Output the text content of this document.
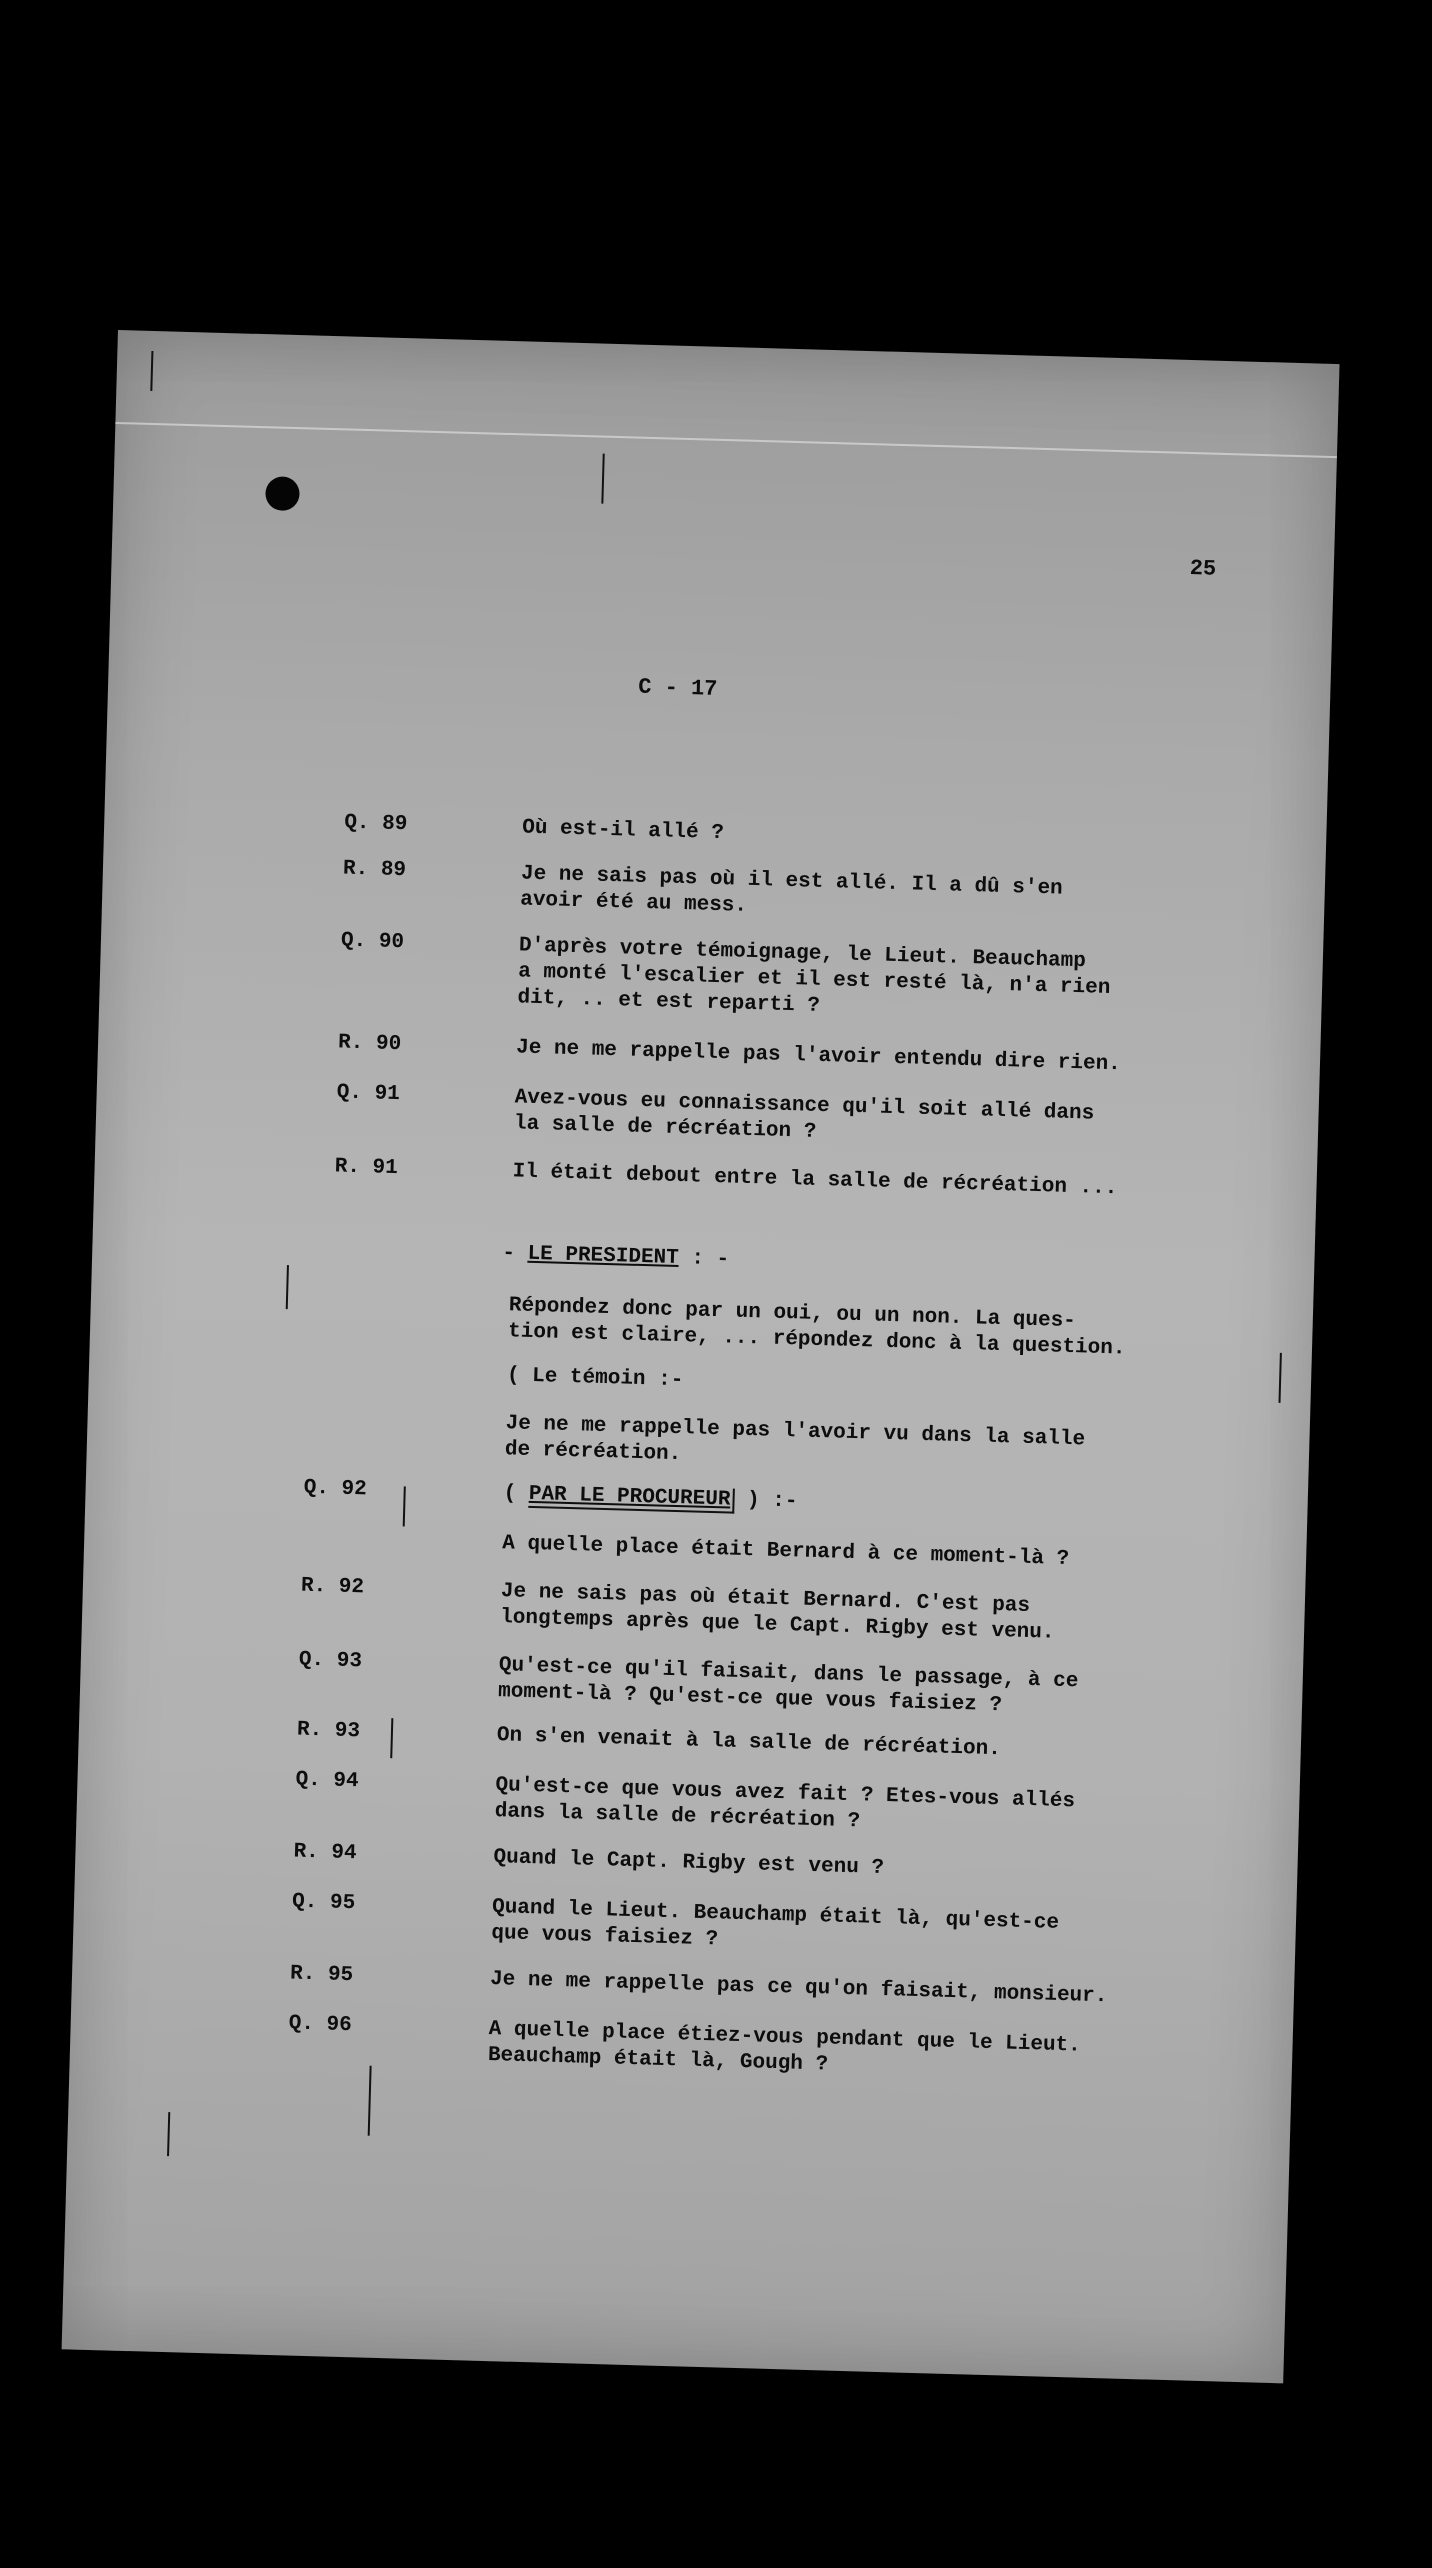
25
C - 17
Q. 89	Où est-il allé ?
R. 89	Je ne sais pas où il est allé. Il a dû s'en
avoir été au mess.
Q. 90	D'après votre témoignage, le Lieut. Beauchamp
a monté l'escalier et il est resté là, n'a rien
dit, .. et est reparti ?
R. 90	Je ne me rappelle pas l'avoir entendu dire rien.
Q. 91	Avez-vous eu connaissance qu'il soit allé dans
la salle de récréation ?
R. 91	Il était debout entre la salle de récréation ...
- LE PRESIDENT : -
Répondez donc par un oui, ou un non. La ques-
tion est claire, ... répondez donc à la question.
( Le témoin :-
Je ne me rappelle pas l'avoir vu dans la salle
de récréation.
Q. 92	( PAR LE PROCUREUR ) :-
A quelle place était Bernard à ce moment-là ?
R. 92	Je ne sais pas où était Bernard. C'est pas
longtemps après que le Capt. Rigby est venu.
Q. 93	Qu'est-ce qu'il faisait, dans le passage, à ce
moment-là ? Qu'est-ce que vous faisiez ?
R. 93	On s'en venait à la salle de récréation.
Q. 94	Qu'est-ce que vous avez fait ? Etes-vous allés
dans la salle de récréation ?
R. 94	Quand le Capt. Rigby est venu ?
Q. 95	Quand le Lieut. Beauchamp était là, qu'est-ce
que vous faisiez ?
R. 95	Je ne me rappelle pas ce qu'on faisait, monsieur.
Q. 96	A quelle place étiez-vous pendant que le Lieut.
Beauchamp était là, Gough ?
